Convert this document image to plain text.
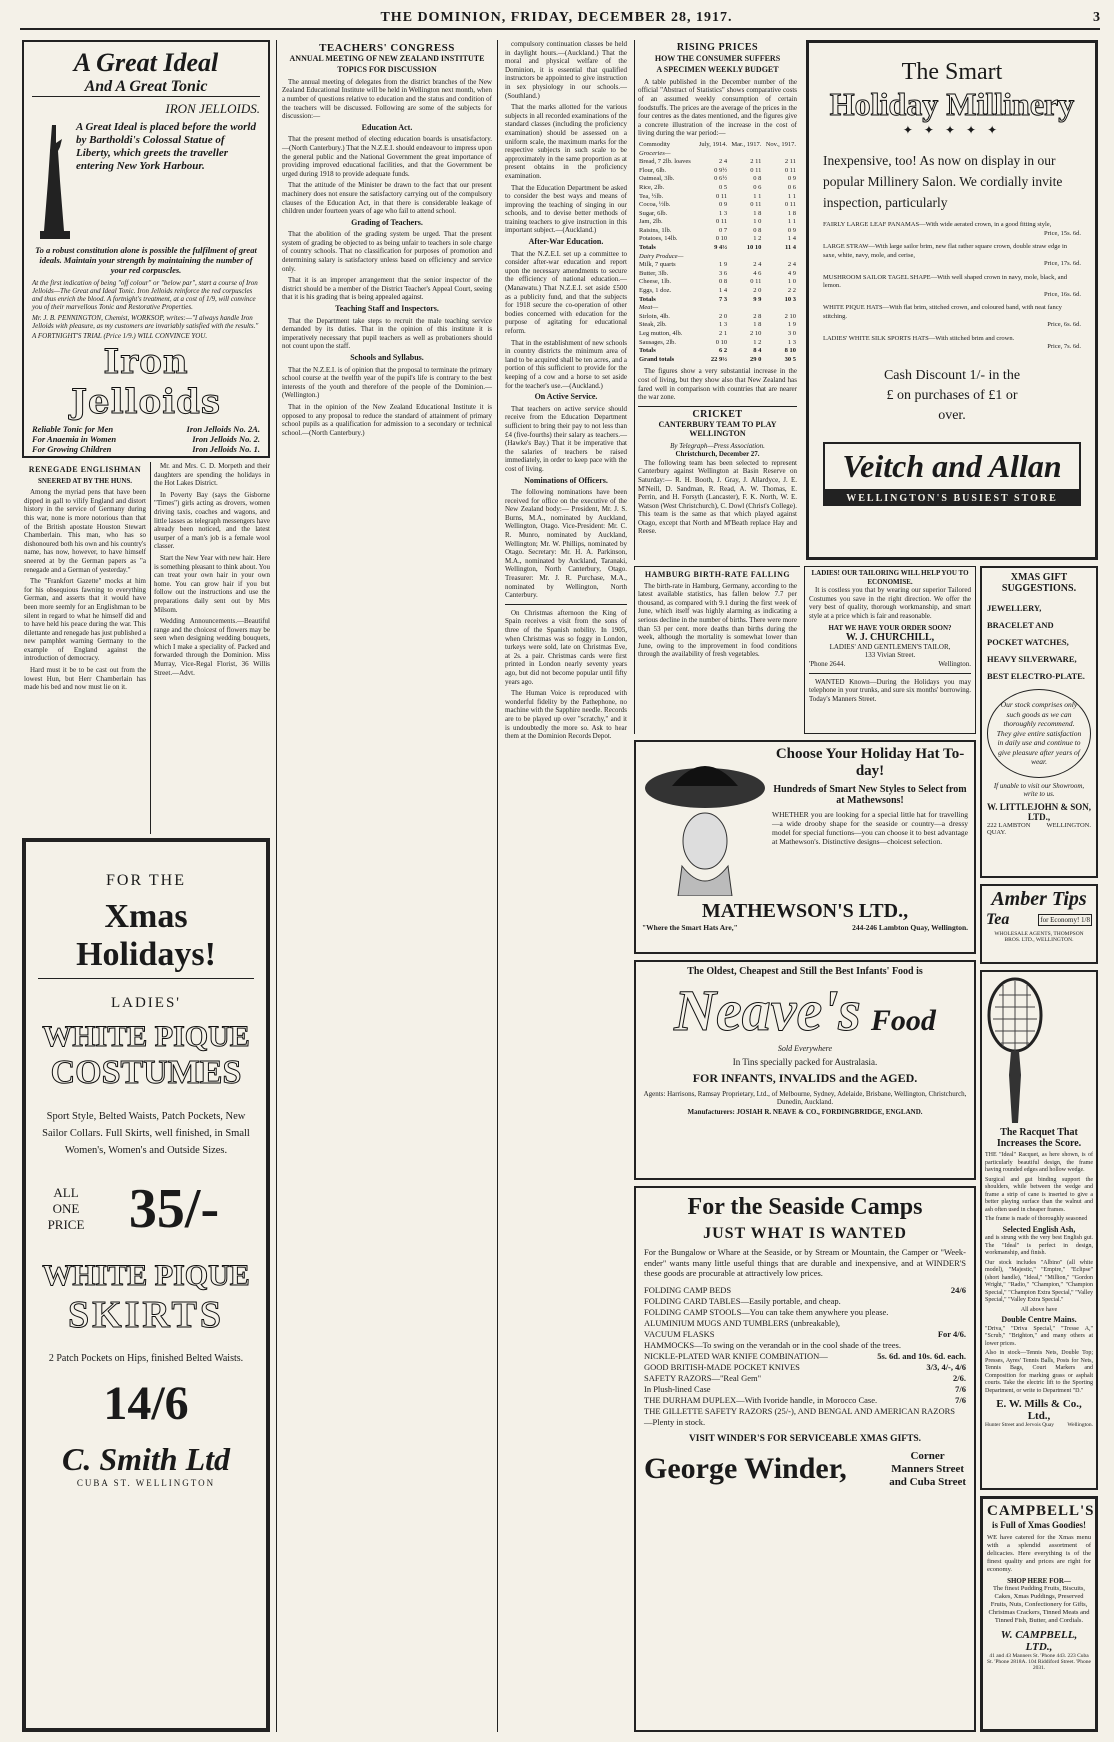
THE DOMINION, FRIDAY, DECEMBER 28, 1917.	3
A Great Ideal
And A Great Tonic
IRON JELLOIDS.
A Great Ideal is placed before the world by Bartholdi's Colossal Statue of Liberty, which greets the traveller entering New York Harbour.
To a robust constitution alone is possible the fulfilment of great ideals. Maintain your strength by maintaining the number of your red corpuscles.
At the first indication of being "off colour" or "below par", start a course of Iron Jelloids—The Great and Ideal Tonic. Iron Jelloids reinforce the red corpuscles and thus enrich the blood. A fortnight's treatment, at a cost of 1/9, will convince you of their marvellous Tonic and Restorative Properties.
Mr. J. B. PENNINGTON, Chemist, WORKSOP, writes:—"I always handle Iron Jelloids with pleasure, as my customers are invariably satisfied with the results."
A FORTNIGHT'S TRIAL (Price 1/9.) WILL CONVINCE YOU.
Iron Jelloids
Reliable Tonic for Men	Iron Jelloids No. 2A.
For Anaemia in Women	Iron Jelloids No. 2.
For Growing Children	Iron Jelloids No. 1.
RENEGADE ENGLISHMAN
SNEERED AT BY THE HUNS.

Among the myriad pens that have been dipped in gall to vilify England and distort history in the service of Germany during this war, none is more notorious than that of the British apostate Houston Stewart Chamberlain. This man, who has so dishonoured both his own and his country's name, has now, however, to have himself sneered at by the German papers as "a renegade and a German of yesterday."

The "Frankfort Gazette" mocks at him for his obsequious fawning to everything German, and asserts that it would have been more seemly for an Englishman to be silent in regard to what he himself did and to have held his peace during the war. This dilettante and renegade has just published a new pamphlet warning Germany to the example of England against the introduction of democracy.

Hard must it be to be cast out from the lowest Hun, but Herr Chamberlain has made his bed and now must lie on it.

Mr. and Mrs. C. D. Morpeth and their daughters are spending the holidays in the Hot Lakes District.

In Poverty Bay (says the Gisborne "Times") girls acting as drovers, women driving taxis, coaches and wagons, and little lasses as telegraph messengers have already been noticed, and the latest usurper of a man's job is a female wool classer.

Start the New Year with new hair. Here is something pleasant to think about. You can treat your own hair in your own home. You can grow hair if you but follow out the instructions and use the preparations daily sent out by Mrs Milsom.

Wedding Announcements.—Beautiful range and the choicest of flowers may be seen when designing wedding bouquets, which I make a speciality of. Packed and forwarded through the Dominion. Miss Murray, Vice-Regal Florist, 36 Willis Street.—Advt.

FOR THE
Xmas Holidays!
LADIES'
WHITE PIQUE
COSTUMES
Sport Style, Belted Waists, Patch Pockets, New Sailor Collars. Full Skirts, well finished, in Small Women's, Women's and Outside Sizes.
ALL
ONE
PRICE 35/-
WHITE PIQUE
SKIRTS
2 Patch Pockets on Hips, finished Belted Waists.
14/6
C. Smith Ltd
CUBA ST. WELLINGTON
TEACHERS' CONGRESS
ANNUAL MEETING OF NEW ZEALAND INSTITUTE
TOPICS FOR DISCUSSION

The annual meeting of delegates from the district branches of the New Zealand Educational Institute will be held in Wellington next month, when a number of questions relative to education and the status and condition of the teachers will be discussed. Following are some of the subjects for discussion:—

Education Act.

That the present method of electing education boards is unsatisfactory.—(North Canterbury.) That the N.Z.E.I. should endeavour to impress upon the general public and the National Government the great importance of providing improved educational facilities, and that the Government be urged during 1918 to provide adequate funds.

That the attitude of the Minister be drawn to the fact that our present machinery does not ensure the satisfactory carrying out of the compulsory clauses of the Education Act, in that there is considerable leakage of children under fourteen years of age who fail to attend school.

Grading of Teachers.

That the abolition of the grading system be urged. That the present system of grading be objected to as being unfair to teachers in sole charge of country schools. That no classification for purposes of promotion and determining salary is satisfactory unless based on efficiency and service only.

That it is an improper arrangement that the senior inspector of the district should be a member of the District Teacher's Appeal Court, seeing that it is his grading that is being appealed against.

Teaching Staff and Inspectors.

That the Department take steps to recruit the male teaching service demanded by its duties. That in the opinion of this institute it is imperatively necessary that pupil teachers as well as probationers should not count upon the staff.

Schools and Syllabus.

That the N.Z.E.I. is of opinion that the proposal to terminate the primary school course at the twelfth year of the pupil's life is contrary to the best interests of the youth and therefore of the people of the Dominion.—(Wellington.)

That in the opinion of the New Zealand Educational Institute it is opposed to any proposal to reduce the standard of attainment of primary school pupils as a qualification for admission to a secondary or technical school.—(North Canterbury.)

compulsory continuation classes be held in daylight hours.—(Auckland.) That the moral and physical welfare of the Dominion, it is essential that qualified instructors be appointed to give instruction in sex physiology in our schools.—(Southland.)

That the marks allotted for the various subjects in all recorded examinations of the standard classes (including the proficiency examination) should be assessed on a uniform scale, the maximum marks for the respective subjects in such scale to be approximately in the same proportion as at present obtains in the proficiency examination.

That the Education Department be asked to consider the best ways and means of improving the teaching of singing in our schools, and to devise better methods of training teachers to give instruction in this important subject.—(Auckland.)

After-War Education.

That the N.Z.E.I. set up a committee to consider after-war education and report upon the necessary amendments to secure the efficiency of national education.—(Manawatu.) That N.Z.E.I. set aside £500 as a publicity fund, and that the subjects for 1918 secure the co-operation of other bodies concerned with education for the purpose of agitating for educational reform.

That in the establishment of new schools in country districts the minimum area of land to be acquired shall be ten acres, and a portion of this sufficient to provide for the keeping of a cow and a horse to set aside for the teacher's use.—(Auckland.)

On Active Service.

That teachers on active service should receive from the Education Department sufficient to bring their pay to not less than £4 (five-fourths) their salary as teachers.—(Hawke's Bay.) That it be imperative that the salaries of teachers be raised immediately, in order to keep pace with the cost of living.

Nominations of Officers.

The following nominations have been received for office on the executive of the New Zealand body:— President, Mr. J. S. Burns, M.A., nominated by Auckland, Wellington, Otago. Vice-President: Mr. C. R. Munro, nominated by Auckland, Wellington; Mr. W. Phillips, nominated by Otago. Secretary: Mr. H. A. Parkinson, M.A., nominated by Auckland, Taranaki, Wellington, North Canterbury, Otago. Treasurer: Mr. J. R. Purchase, M.A., nominated by Wellington, North Canterbury.

On Christmas afternoon the King of Spain receives a visit from the sons of three of the Spanish nobility. In 1905, when Christmas was so foggy in London, turkeys were sold, late on Christmas Eve, at 2s. a pair. Christmas cards were first printed in London nearly seventy years ago, but did not become popular until fifty years ago.

The Human Voice is reproduced with wonderful fidelity by the Pathephone, no machine with the Sapphire needle. Records are to be played up over "scratchy," and it is undoubtedly the more so. Ask to hear them at the Dominion Records Depot.

RISING PRICES
HOW THE CONSUMER SUFFERS
A SPECIMEN WEEKLY BUDGET

A table published in the December number of the official "Abstract of Statistics" shows comparative costs of an assumed weekly consumption of certain foodstuffs. The prices are the average of the prices in the four centres as the dates mentioned, and the figures give a concrete illustration of the increase in the cost of living during the war period:—

Commodity	July, 1914.	Mar., 1917.	Nov., 1917.
Groceries—			
Bread, 7 2lb. loaves	2 4	2 11	2 11
Flour, 6lb.	0 9½	0 11	0 11
Oatmeal, 3lb.	0 6½	0 8	0 9
Rice, 2lb.	0 5	0 6	0 6
Tea, ½lb.	0 11	1 1	1 1
Cocoa, ½lb.	0 9	0 11	0 11
Sugar, 6lb.	1 3	1 8	1 8
Jam, 2lb.	0 11	1 0	1 1
Raisins, 1lb.	0 7	0 8	0 9
Potatoes, 14lb.	0 10	1 2	1 4
Totals	9 4½	10 10	11 4
Dairy Produce—			
Milk, 7 quarts	1 9	2 4	2 4
Butter, 3lb.	3 6	4 6	4 9
Cheese, 1lb.	0 8	0 11	1 0
Eggs, 1 doz.	1 4	2 0	2 2
Totals	7 3	9 9	10 3
Meat—			
Sirloin, 4lb.	2 0	2 8	2 10
Steak, 2lb.	1 3	1 8	1 9
Leg mutton, 4lb.	2 1	2 10	3 0
Sausages, 2lb.	0 10	1 2	1 3
Totals	6 2	8 4	8 10
Grand totals	22 9½	29 0	30 5

The figures show a very substantial increase in the cost of living, but they show also that New Zealand has fared well in comparison with countries that are nearer the war zone.

CRICKET
CANTERBURY TEAM TO PLAY WELLINGTON
By Telegraph—Press Association.
Christchurch, December 27.

The following team has been selected to represent Canterbury against Wellington at Basin Reserve on Saturday:— R. H. Booth, J. Gray, J. Allardyce, J. E. M'Neill, D. Sandman, R. Read, A. W. Thomas, E. Perrin, and H. Forsyth (Lancaster), F. K. North, W. E. Watson (West Christchurch), C. Dowl (Christ's College). This team is the same as that which played against Otago, except that North and M'Beath replace Hay and Reese.

HAMBURG BIRTH-RATE FALLING

The birth-rate in Hamburg, Germany, according to the latest available statistics, has fallen below 7.7 per thousand, as compared with 9.1 during the first week of June, which itself was highly alarming as indicating a serious decline in the number of births. There were more than 53 per cent. more deaths than births during the week, although the mortality is somewhat lower than June, owing to the improvement in food conditions through the availability of fresh vegetables.

LADIES! OUR TAILORING WILL HELP YOU TO ECONOMISE.

It is costless you that by wearing our superior Tailored Costumes you save in the right direction. We offer the very best of quality, thorough workmanship, and smart style at a price which is fair and reasonable.

HAT WE HAVE YOUR ORDER SOON?
W. J. CHURCHILL,
LADIES' AND GENTLEMEN'S TAILOR,
133 Vivian Street.
'Phone 2644.	Wellington.

WANTED Known—During the Holidays you may telephone in your trunks, and sure six months' borrowing. Today's Manners Street.

Choose Your Holiday Hat To-day!
Hundreds of Smart New Styles to Select from at Mathewsons!
WHETHER you are looking for a special little hat for travelling—a wide drooby shape for the seaside or country—a dressy model for special functions—you can choose it to best advantage at Mathewson's. Distinctive designs—choicest selection.
MATHEWSON'S LTD.,
"Where the Smart Hats Are,"	244-246 Lambton Quay, Wellington.
The Oldest, Cheapest and Still the Best Infants' Food is
Neave's Food
Sold Everywhere
In Tins specially packed for Australasia.
FOR INFANTS, INVALIDS and the AGED.
Agents: Harrisons, Ramsay Proprietary, Ltd., of Melbourne, Sydney, Adelaide, Brisbane, Wellington, Christchurch, Dunedin, Auckland.
Manufacturers: JOSIAH R. NEAVE & CO., FORDINGBRIDGE, ENGLAND.
For the Seaside Camps
JUST WHAT IS WANTED
For the Bungalow or Whare at the Seaside, or by Stream or Mountain, the Camper or "Week-ender" wants many little useful things that are durable and inexpensive, and at WINDER'S these goods are procurable at attractively low prices.
FOLDING CAMP BEDS	24/6
FOLDING CARD TABLES—Easily portable, and cheap.
FOLDING CAMP STOOLS—You can take them anywhere you please.
ALUMINIUM MUGS AND TUMBLERS (unbreakable),
VACUUM FLASKS	For 4/6.
HAMMOCKS—To swing on the verandah or in the cool shade of the trees.
NICKLE-PLATED WAR KNIFE COMBINATION—	5s. 6d. and 10s. 6d. each.
GOOD BRITISH-MADE POCKET KNIVES	3/3, 4/-, 4/6
SAFETY RAZORS—"Real Gem"	2/6.
In Plush-lined Case	7/6
THE DURHAM DUPLEX—With Ivoride handle, in Morocco Case.	7/6
THE GILLETTE SAFETY RAZORS (25/-), AND BENGAL AND AMERICAN RAZORS—Plenty in stock.
VISIT WINDER'S FOR SERVICEABLE XMAS GIFTS.
George Winder,	Corner
Manners Street
and Cuba Street
The Smart
Holiday Millinery
✦ ✦ ✦ ✦ ✦
Inexpensive, too! As now on display in our popular Millinery Salon. We cordially invite inspection, particularly
FAIRLY LARGE LEAF PANAMAS—With wide aerated crown, in a good fitting style,
Price, 15s. 6d.
LARGE STRAW—With large sailor brim, new flat rather square crown, double straw edge in saxe, white, navy, mole, and cerise,
Price, 17s. 6d.
MUSHROOM SAILOR TAGEL SHAPE—With well shaped crown in navy, mole, black, and lemon.
Price, 16s. 6d.
WHITE PIQUE HATS—With flat brim, stitched crown, and coloured band, with neat fancy stitching.
Price, 6s. 6d.
LADIES' WHITE SILK SPORTS HATS—With stitched brim and crown.
Price, 7s. 6d.
Cash Discount 1/- in the
£ on purchases of £1 or
over.
Veitch and Allan
WELLINGTON'S BUSIEST STORE
XMAS GIFT SUGGESTIONS.
JEWELLERY,
BRACELET AND
POCKET WATCHES,
HEAVY SILVERWARE,
BEST ELECTRO-PLATE.
Our stock comprises only such goods as we can thoroughly recommend. They give entire satisfaction in daily use and continue to give pleasure after years of wear.
If unable to visit our Showroom,
write to us.
W. LITTLEJOHN & SON, LTD.,
222 LAMBTON QUAY.
WELLINGTON.
Amber Tips
Tea	for Economy! 1/8
WHOLESALE AGENTS, THOMPSON BROS. LTD., WELLINGTON.
The Racquet That
Increases the Score.
THE "Ideal" Racquet, as here shown, is of particularly beautiful design, the frame having rounded edges and hollow wedge.
Surgical and gut binding support the shoulders, while between the wedge and frame a strip of cane is inserted to give a better playing surface than the walnut and ash often used in cheaper frames.
The frame is made of thoroughly seasoned
Selected English Ash,
and is strung with the very best English gut. The "Ideal" is perfect in design, workmanship, and finish.
Our stock includes "Albino" (all white model), "Majestic," "Empire," "Eclipse" (short handle), "Ideal," "Million," "Gordon Wright," "Radio," "Champion," "Champion Special," "Champion Extra Special," "Valley Special," "Valley Extra Special."
All above have
Double Centre Mains.
"Driva," "Driva Special," "Tresse A," "Scrub," "Brighton," and many others at lower prices.
Also in stock—Tennis Nets, Double Top; Presses, Ayres' Tennis Balls, Posts for Nets, Tennis Bags, Court Markers and Composition for marking grass or asphalt courts. Take the electric lift to the Sporting Department, or write to Department "D."
E. W. Mills & Co., Ltd.,
Hunter Street and Jervois Quay Wellington.
CAMPBELL'S
is Full of Xmas Goodies!
WE have catered for the Xmas menu with a splendid assortment of delicacies. Here everything is of the finest quality and prices are right for economy.
SHOP HERE FOR—
The finest Pudding Fruits, Biscuits, Cakes, Xmas Puddings, Preserved Fruits, Nuts, Confectionery for Gifts, Christmas Crackers, Tinned Meats and Tinned Fish, Butter, and Cordials.
W. CAMPBELL, LTD.,
41 and 43 Manners St. 'Phone 443. 223 Cuba St. 'Phone 2818A. 104 Riddiford Street. 'Phone 2031.
